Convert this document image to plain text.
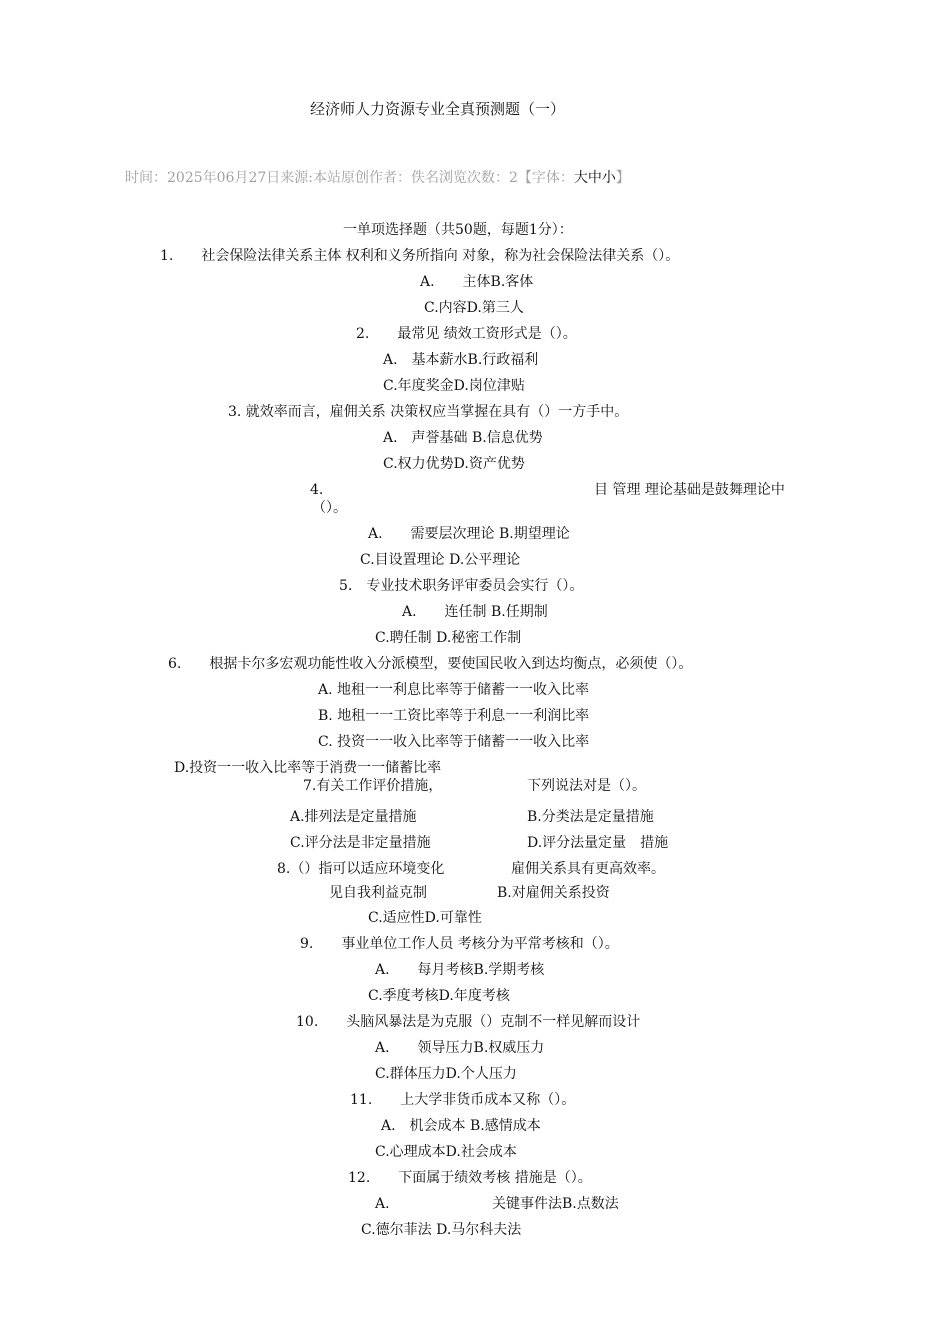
经济师人力资源专业全真预测题（一）
时间：2025年06月27日来源:本站原创作者：佚名浏览次数：2【字体：大中小】
一单项选择题（共50题，每题1分）：
1.　　社会保险法律关系主体 权利和义务所指向 对象，称为社会保险法律关系（）。
A.　　主体B.客体
C.内容D.第三人
2.　　最常见 绩效工资形式是（）。
A.　基本薪水B.行政福利
C.年度奖金D.岗位津贴
3. 就效率而言，雇佣关系 决策权应当掌握在具有（）一方手中。
A.　声誉基础 B.信息优势
C.权力优势D.资产优势
4.	目 管理 理论基础是鼓舞理论中
（）。
A.　　需要层次理论 B.期望理论
C.目设置理论 D.公平理论
5.　专业技术职务评审委员会实行（）。
A.　　连任制 B.任期制
C.聘任制 D.秘密工作制
6.　　根据卡尔多宏观功能性收入分派模型，要使国民收入到达均衡点，必须使（）。
A. 地租一一利息比率等于储蓄一一收入比率
B. 地租一一工资比率等于利息一一利润比率
C. 投资一一收入比率等于储蓄一一收入比率
D.投资一一收入比率等于消费一一储蓄比率
7.有关工作评价措施，	下列说法对是（）。
A.排列法是定量措施	B.分类法是定量措施
C.评分法是非定量措施	D.评分法量定量　措施
8.（）指可以适应环境变化	雇佣关系具有更高效率。
见自我利益克制	B.对雇佣关系投资
C.适应性D.可靠性
9.　　事业单位工作人员 考核分为平常考核和（）。
A.　　每月考核B.学期考核
C.季度考核D.年度考核
10.　　头脑风暴法是为克服（）克制不一样见解而设计
A.　　领导压力B.权威压力
C.群体压力D.个人压力
11.　　上大学非货币成本又称（）。
A.　机会成本 B.感情成本
C.心理成本D.社会成本
12.　　下面属于绩效考核 措施是（）。
A.	关键事件法B.点数法
C.德尔菲法 D.马尔科夫法
